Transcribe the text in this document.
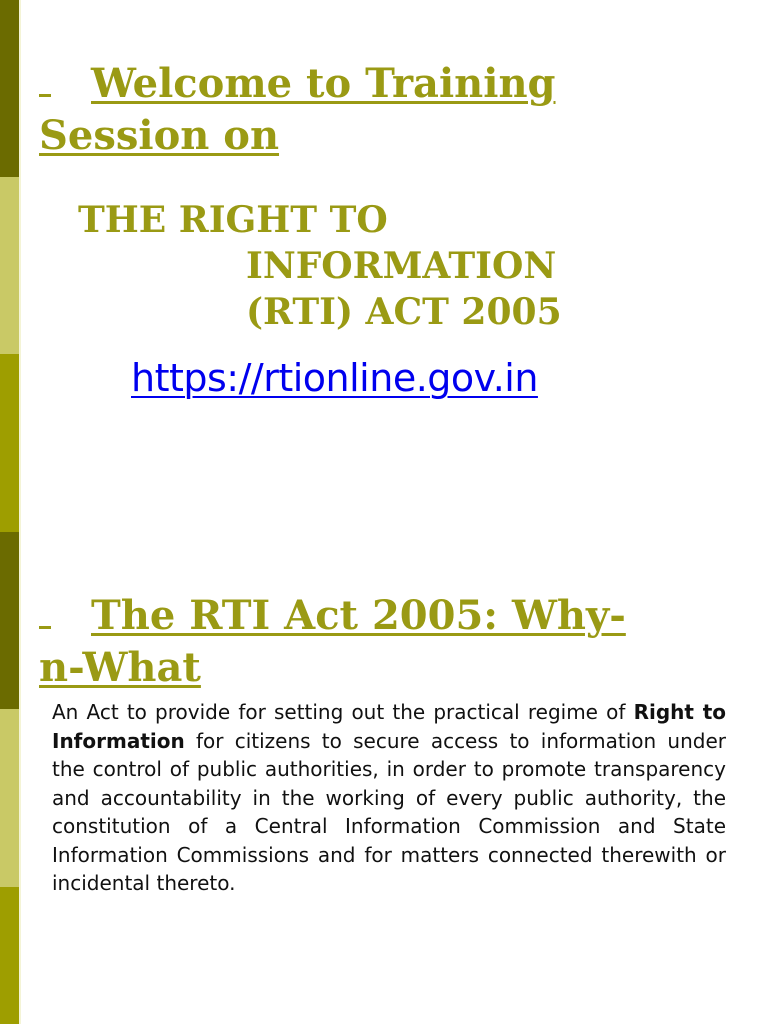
Welcome to Training
Session on
THE RIGHT TO
INFORMATION
(RTI) ACT 2005
https://rtionline.gov.in
The RTI Act 2005: Why-
n-What

An Act to provide for setting out the practical regime of Right to Information for citizens to secure access to information under the control of public authorities, in order to promote transparency and accountability in the working of every public authority, the constitution of a Central Information Commission and State Information Commissions and for matters connected therewith or incidental thereto.
